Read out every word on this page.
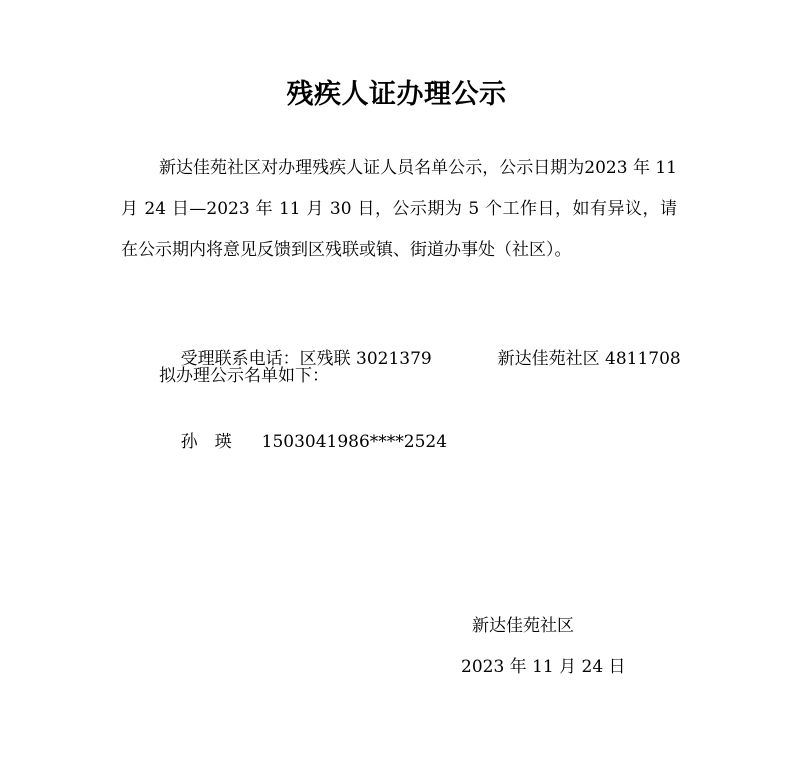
残疾人证办理公示

新达佳苑社区对办理残疾人证人员名单公示，公示日期为2023 年 11 月 24 日—2023 年 11 月 30 日，公示期为 5 个工作日，如有异议，请在公示期内将意见反馈到区残联或镇、街道办事处（社区）。

受理联系电话：区残联 3021379
	新达佳苑社区 4811708

拟办理公示名单如下：

孙　瑛
	1503041986****2524

新达佳苑社区
2023 年 11 月 24 日
